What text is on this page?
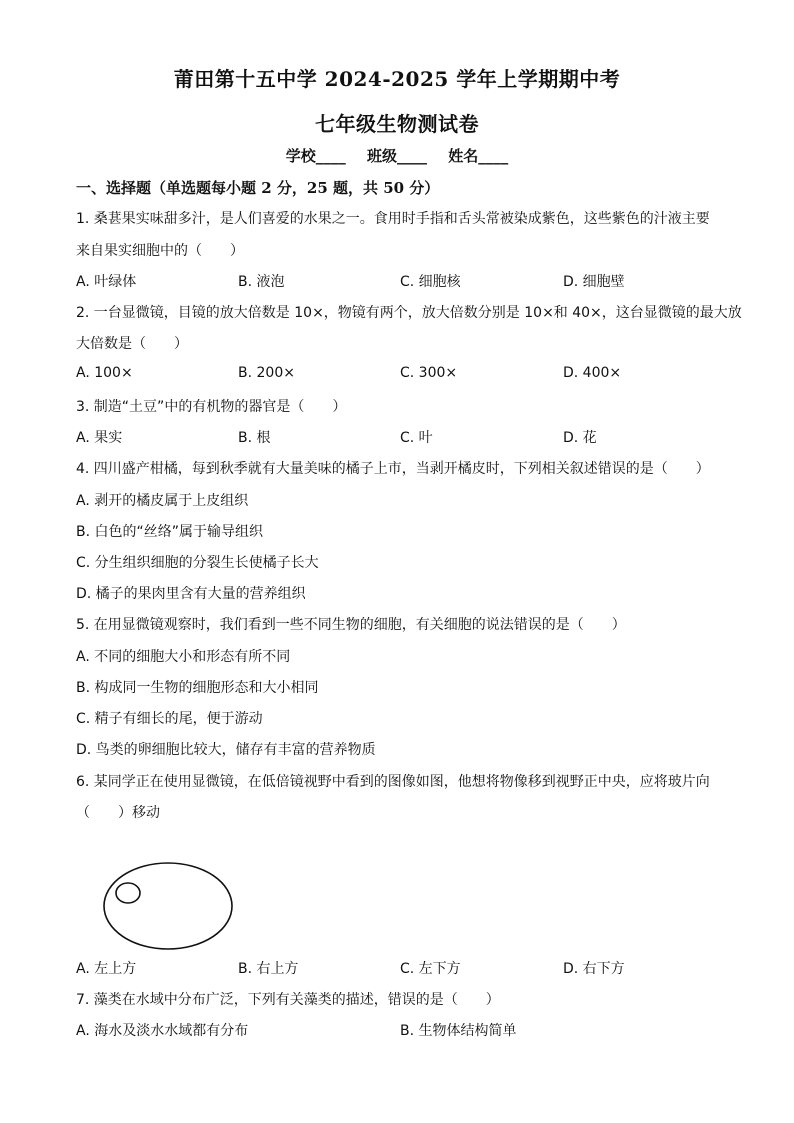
莆田第十五中学 2024-2025 学年上学期期中考
七年级生物测试卷
学校____ 班级____ 姓名____
一、选择题（单选题每小题 2 分，25 题，共 50 分）
1. 桑葚果实味甜多汁，是人们喜爱的水果之一。食用时手指和舌头常被染成紫色，这些紫色的汁液主要
来自果实细胞中的（　　）
A. 叶绿体	B. 液泡	C. 细胞核	D. 细胞壁
2. 一台显微镜，目镜的放大倍数是 10×，物镜有两个，放大倍数分别是 10×和 40×，这台显微镜的最大放
大倍数是（　　）
A. 100×	B. 200×	C. 300×	D. 400×
3. 制造“土豆”中的有机物的器官是（　　）
A. 果实	B. 根	C. 叶	D. 花
4. 四川盛产柑橘，每到秋季就有大量美味的橘子上市，当剥开橘皮时，下列相关叙述错误的是（　　）
A. 剥开的橘皮属于上皮组织
B. 白色的“丝络”属于输导组织
C. 分生组织细胞的分裂生长使橘子长大
D. 橘子的果肉里含有大量的营养组织
5. 在用显微镜观察时，我们看到一些不同生物的细胞，有关细胞的说法错误的是（　　）
A. 不同的细胞大小和形态有所不同
B. 构成同一生物的细胞形态和大小相同
C. 精子有细长的尾，便于游动
D. 鸟类的卵细胞比较大，储存有丰富的营养物质
6. 某同学正在使用显微镜，在低倍镜视野中看到的图像如图，他想将物像移到视野正中央，应将玻片向
（　　）移动
A. 左上方	B. 右上方	C. 左下方	D. 右下方
7. 藻类在水域中分布广泛，下列有关藻类的描述，错误的是（　　）
A. 海水及淡水水域都有分布	B. 生物体结构简单
